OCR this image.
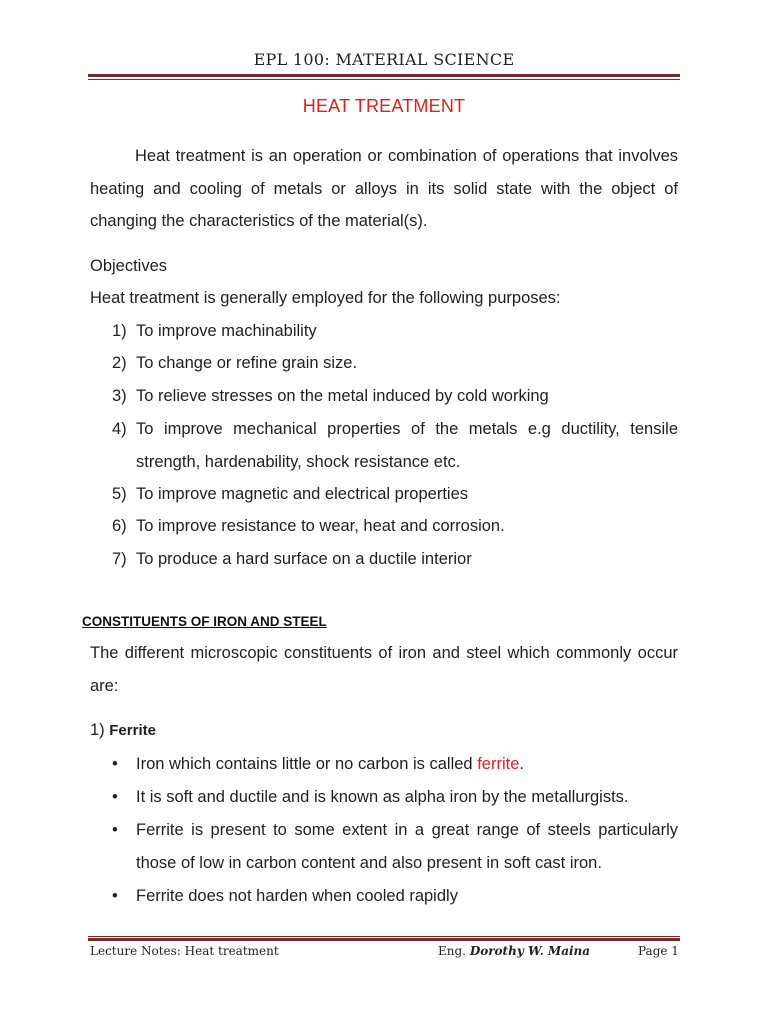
EPL 100: MATERIAL SCIENCE
HEAT TREATMENT
Heat treatment is an operation or combination of operations that involves heating and cooling of metals or alloys in its solid state with the object of changing the characteristics of the material(s).
Objectives
Heat treatment is generally employed for the following purposes:
1) To improve machinability
2) To change or refine grain size.
3) To relieve stresses on the metal induced by cold working
4) To improve mechanical properties of the metals e.g ductility, tensile strength, hardenability, shock resistance etc.
5) To improve magnetic and electrical properties
6) To improve resistance to wear, heat and corrosion.
7) To produce a hard surface on a ductile interior
CONSTITUENTS OF IRON AND STEEL
The different microscopic constituents of iron and steel which commonly occur are:
1) Ferrite
• Iron which contains little or no carbon is called ferrite.
• It is soft and ductile and is known as alpha iron by the metallurgists.
• Ferrite is present to some extent in a great range of steels particularly those of low in carbon content and also present in soft cast iron.
• Ferrite does not harden when cooled rapidly
Lecture Notes: Heat treatment	Eng. Dorothy W. Maina	Page 1
